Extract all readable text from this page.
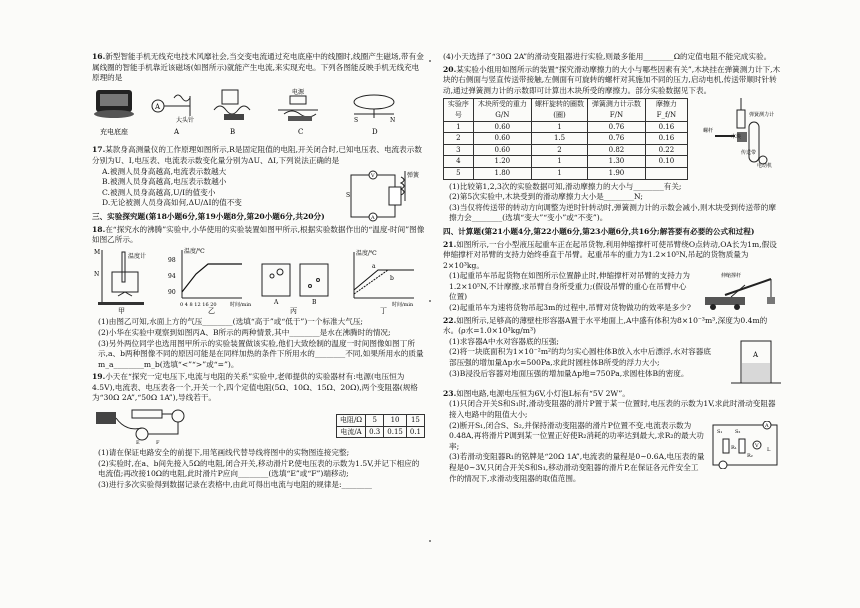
16.新型智能手机无线充电技术风靡社会,当交变电流通过充电底座中的线圈时,线圈产生磁场,带有金属线圈的智能手机靠近该磁场(如图所示)就能产生电流,来实现充电。下列各图能反映手机无线充电原理的是
A
大头针
电源
S	N
充电底座	A	B	C	D
17.某款身高测量仪的工作原理如图所示,R是固定阻值的电阻,开关闭合时,已知电压表、电流表示数分别为U、I,电压表、电流表示数变化量分别为ΔU、ΔI,下列说法正确的是
A.被测人员身高越高,电流表示数越大
B.被测人员身高越高,电压表示数越小
C.被测人员身高越高,U/I的值变小
D.无论被测人员身高如何,ΔU/ΔI的值不变
V
A
弹簧
S
三、实验探究题(第18小题6分,第19小题8分,第20小题6分,共20分)
18.在“探究水的沸腾”实验中,小华使用的实验装置如图甲所示,根据实验数据作出的“温度-时间”图像如图乙所示。
温度计
M
N
温度/℃
98
94
90
0 4 8 12 16 20	时间/min	A	B
温度/℃
a
b
时间/min
甲	乙	丙	丁
(1)由图乙可知,水面上方的气压________(选填“高于”或“低于”)一个标准大气压;
(2)小华在实验中观察到如图丙A、B所示的两种情景,其中________是水在沸腾时的情况;
(3)另外两位同学也选用图甲所示的实验装置做该实验,他们大致绘制的温度一时间图像如图丁所示,a、b两种图像不同的原因可能是在同样加热的条件下所用水的________不同,如果所用水的质量m_a________m_b(选填“<”“>”或“=”)。
19.小天在“探究一定电压下,电流与电阻的关系”实验中,老师提供的实验器材有:电源(电压恒为4.5V),电流表、电压表各一个,开关一个,四个定值电阻(5Ω、10Ω、15Ω、20Ω),两个变阻器(规格为“30Ω 2A”,“50Ω 1A”),导线若干。
E	F
电阻/Ω	5	10	15
电流/A	0.3	0.15	0.1
(1)请在保证电路安全的前提下,用笔画线代替导线将图中的实物图连接完整;
(2)实验时,在a、b间先接入5Ω的电阻,闭合开关,移动滑片P,使电压表的示数为1.5V,并记下相应的电流值;再改接10Ω的电阻,此时滑片P应向________(选填“E”或“F”)端移动;
(3)进行多次实验得到数据记录在表格中,由此可得出电流与电阻的规律是:________
(4)小天选择了“30Ω 2A”的滑动变阻器进行实验,则最多能用________Ω的定值电阻不能完成实验。
20.某实验小组用如图所示的装置“探究滑动摩擦力的大小与哪些因素有关”,木块挂在弹簧测力计下,木块的右侧面与竖直传送带接触,左侧面有可旋转的螺杆对其施加不同的压力,启动电机,传送带顺时针转动,通过弹簧测力计的示数即可计算出木块所受的摩擦力。部分实验数据见下表。
实验序号	木块所受的重力G/N	螺杆旋转的圈数(圈)	弹簧测力计示数F/N	摩擦力F_f/N
1	0.60	1	0.76	0.16
2	0.60	1.5	0.76	0.16
3	0.60	2	0.82	0.22
4	1.20	1	1.30	0.10
5	1.80	1	1.90	
弹簧测力计
木块
螺杆
传送带
电动机
(1)比较第1,2,3次的实验数据可知,滑动摩擦力的大小与________有关;
(2)第5次实验中,木块受到的滑动摩擦力大小是________N;
(3)当仅将传送带的转动方向调整为逆时针转动时,弹簧测力计的示数会减小,则木块受到传送带的摩擦力会________(选填“变大”“变小”或“不变”)。
四、计算题(第21小题4分,第22小题6分,第23小题6分,共16分;解答要有必要的公式和过程)
21.如图所示,一台小型液压起重车正在起吊货物,利用伸缩撑杆可使吊臂绕O点转动,OA长为1m,假设伸缩撑杆对吊臂的支持力始终垂直于吊臂。起重吊车的重力为1.2×10⁵N,吊起的货物质量为2×10³kg。
(1)起重吊车吊起货物在如图所示位置静止时,伸缩撑杆对吊臂的支持力为1.2×10⁵N,不计摩擦,求吊臂自身所受重力;(假设吊臂的重心在吊臂中心位置)
(2)起重吊车为速将货物吊起3m的过程中,吊臂对货物做功的效率是多少?
伸缩撑杆
22.如图所示,足够高的薄壁柱形容器A置于水平地面上,A中盛有体积为8×10⁻³m³,深度为0.4m的水。(ρ水=1.0×10³kg/m³)
(1)求容器A中水对容器底的压强;
(2)将一块底面积为1×10⁻²m²的均匀实心圆柱体B放入水中后漂浮,水对容器底部压强的增加量Δp水=500Pa,求此时圆柱体B所受的浮力大小;
(3)B浸没后容器对地面压强的增加量Δp地=750Pa,求圆柱体B的密度。
A
23.如图电路,电源电压恒为6V,小灯泡L标有“5V 2W”。
(1)只闭合开关S和S₁时,滑动变阻器的滑片P置于某一位置时,电压表的示数为1V,求此时滑动变阻器接入电路中的阻值大小;
(2)断开S₁,闭合S、S₂,并保持滑动变阻器的滑片P位置不变,电流表示数为0.48A,再将滑片P调到某一位置正好使R₂消耗的功率达到最大,求R₂的最大功率;
(3)若滑动变阻器R₁的铭牌是“20Ω 1A”,电流表的量程是0~0.6A,电压表的量程是0~3V,只闭合开关S和S₁,移动滑动变阻器的滑片P,在保证各元件安全工作的情况下,求滑动变阻器的取值范围。
A
V
R₁
R₂
L
S₁	S₂
